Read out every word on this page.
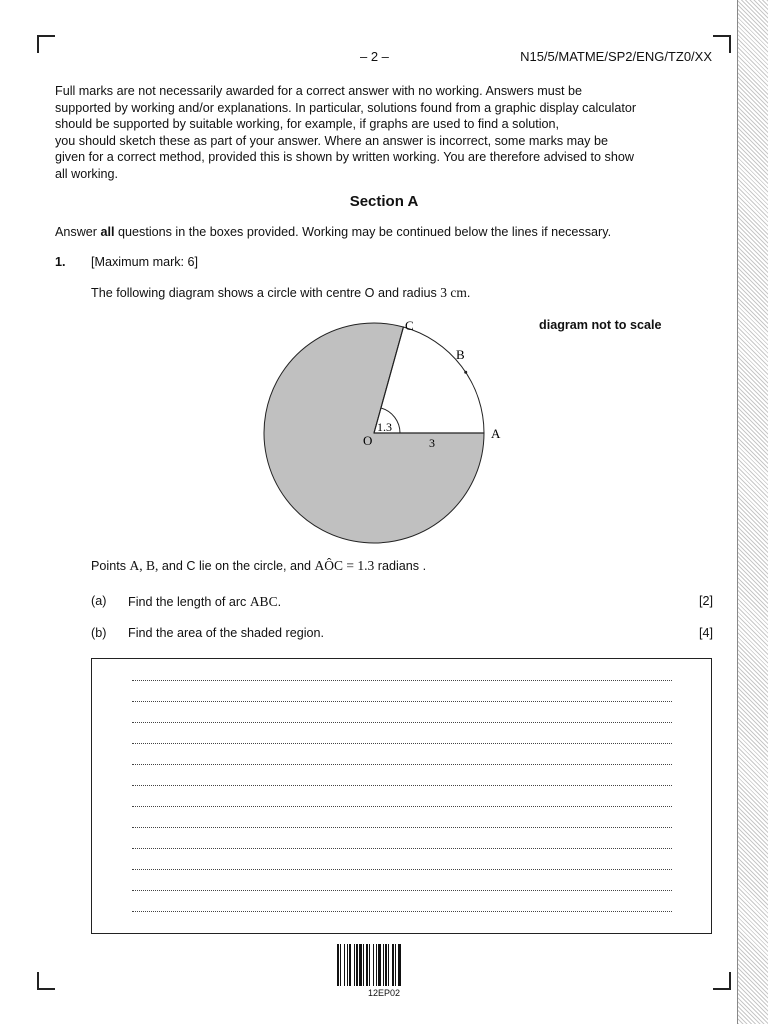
– 2 –	N15/5/MATME/SP2/ENG/TZ0/XX
Full marks are not necessarily awarded for a correct answer with no working. Answers must be
supported by working and/or explanations. In particular, solutions found from a graphic display calculator
should be supported by suitable working, for example, if graphs are used to find a solution,
you should sketch these as part of your answer. Where an answer is incorrect, some marks may be
given for a correct method, provided this is shown by written working. You are therefore advised to show
all working.
Section A
Answer all questions in the boxes provided. Working may be continued below the lines if necessary.
1. [Maximum mark: 6]
The following diagram shows a circle with centre O and radius 3 cm.
diagram not to scale
O	A
B
C
1.3
3
Points A, B, and C lie on the circle, and AÔC = 1.3 radians .
(a) Find the length of arc ABC.	[2]
(b) Find the area of the shaded region.	[4]
12EP02
